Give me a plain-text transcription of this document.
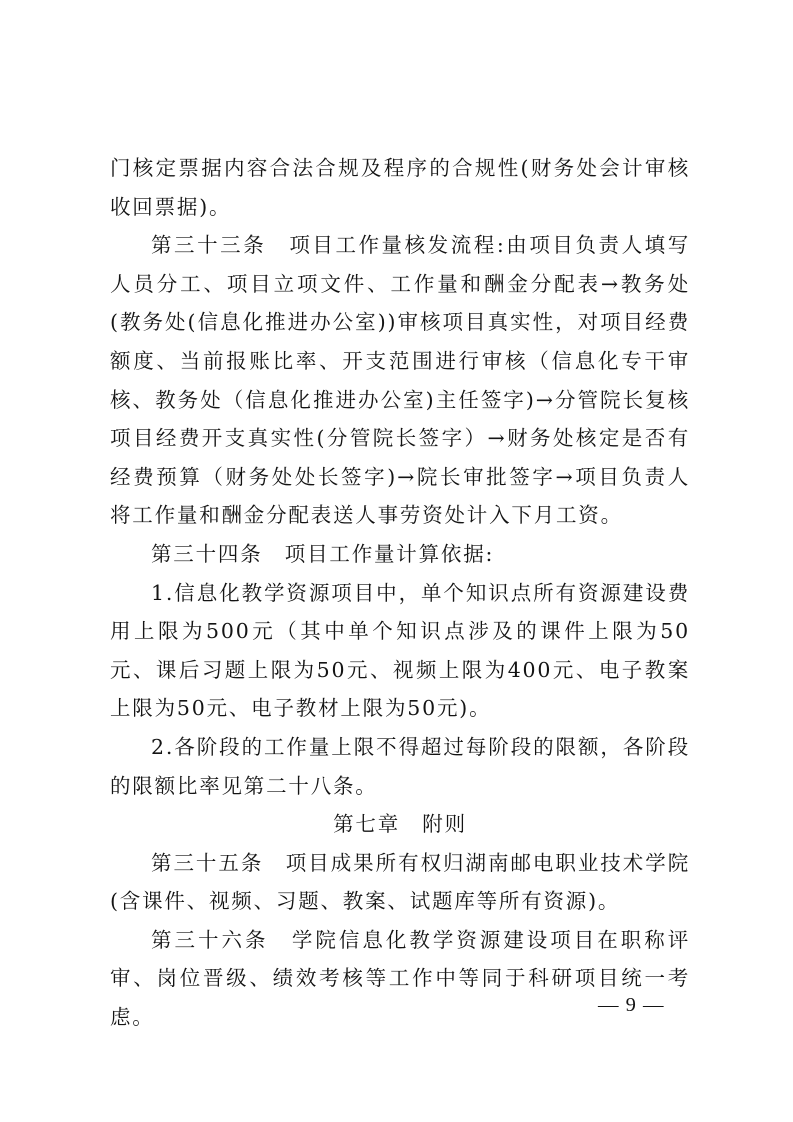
门核定票据内容合法合规及程序的合规性(财务处会计审核收回票据)。

第三十三条　项目工作量核发流程:由项目负责人填写人员分工、项目立项文件、工作量和酬金分配表→教务处(教务处(信息化推进办公室))审核项目真实性，对项目经费额度、当前报账比率、开支范围进行审核（信息化专干审核、教务处（信息化推进办公室)主任签字)→分管院长复核项目经费开支真实性(分管院长签字）→财务处核定是否有经费预算（财务处处长签字)→院长审批签字→项目负责人将工作量和酬金分配表送人事劳资处计入下月工资。

第三十四条　项目工作量计算依据:

1.信息化教学资源项目中，单个知识点所有资源建设费用上限为500元（其中单个知识点涉及的课件上限为50元、课后习题上限为50元、视频上限为400元、电子教案上限为50元、电子教材上限为50元)。

2.各阶段的工作量上限不得超过每阶段的限额，各阶段的限额比率见第二十八条。

第七章　附则

第三十五条　项目成果所有权归湖南邮电职业技术学院(含课件、视频、习题、教案、试题库等所有资源)。

第三十六条　学院信息化教学资源建设项目在职称评审、岗位晋级、绩效考核等工作中等同于科研项目统一考虑。

— 9 —
